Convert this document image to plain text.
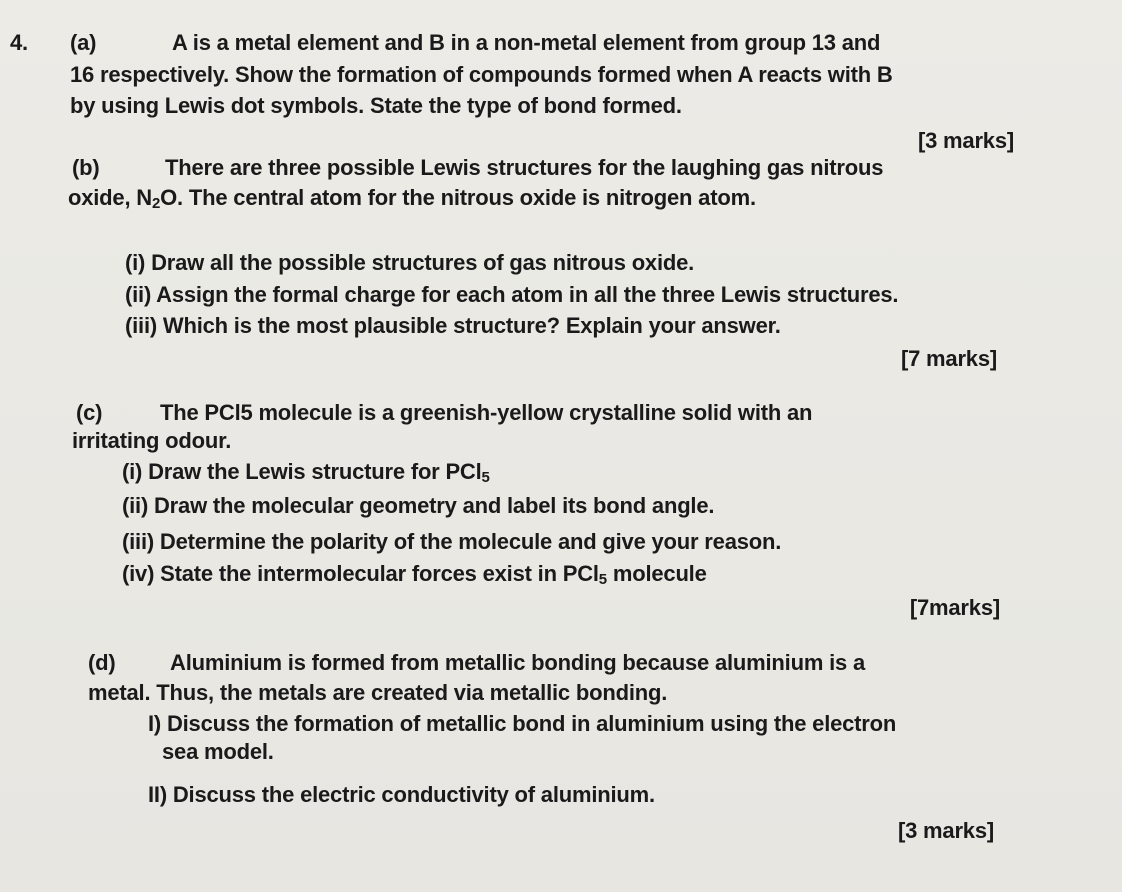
4. (a)	A is a metal element and B in a non-metal element from group 13 and
16 respectively. Show the formation of compounds formed when A reacts with B
by using Lewis dot symbols. State the type of bond formed.
[3 marks]
(b)	There are three possible Lewis structures for the laughing gas nitrous
oxide, $N_2O$. The central atom for the nitrous oxide is nitrogen atom.
(i) Draw all the possible structures of gas nitrous oxide.
(ii) Assign the formal charge for each atom in all the three Lewis structures.
(iii) Which is the most plausible structure? Explain your answer.
[7 marks]
(c)	The PCl5 molecule is a greenish-yellow crystalline solid with an
irritating odour.
(i) Draw the Lewis structure for PCl$_5$
(ii) Draw the molecular geometry and label its bond angle.
(iii) Determine the polarity of the molecule and give your reason.
(iv) State the intermolecular forces exist in PCl$_5$ molecule
[7marks]
(d) Aluminium is formed from metallic bonding because aluminium is a
metal. Thus, the metals are created via metallic bonding.
I) Discuss the formation of metallic bond in aluminium using the electron
sea model.
II) Discuss the electric conductivity of aluminium.
[3 marks]
